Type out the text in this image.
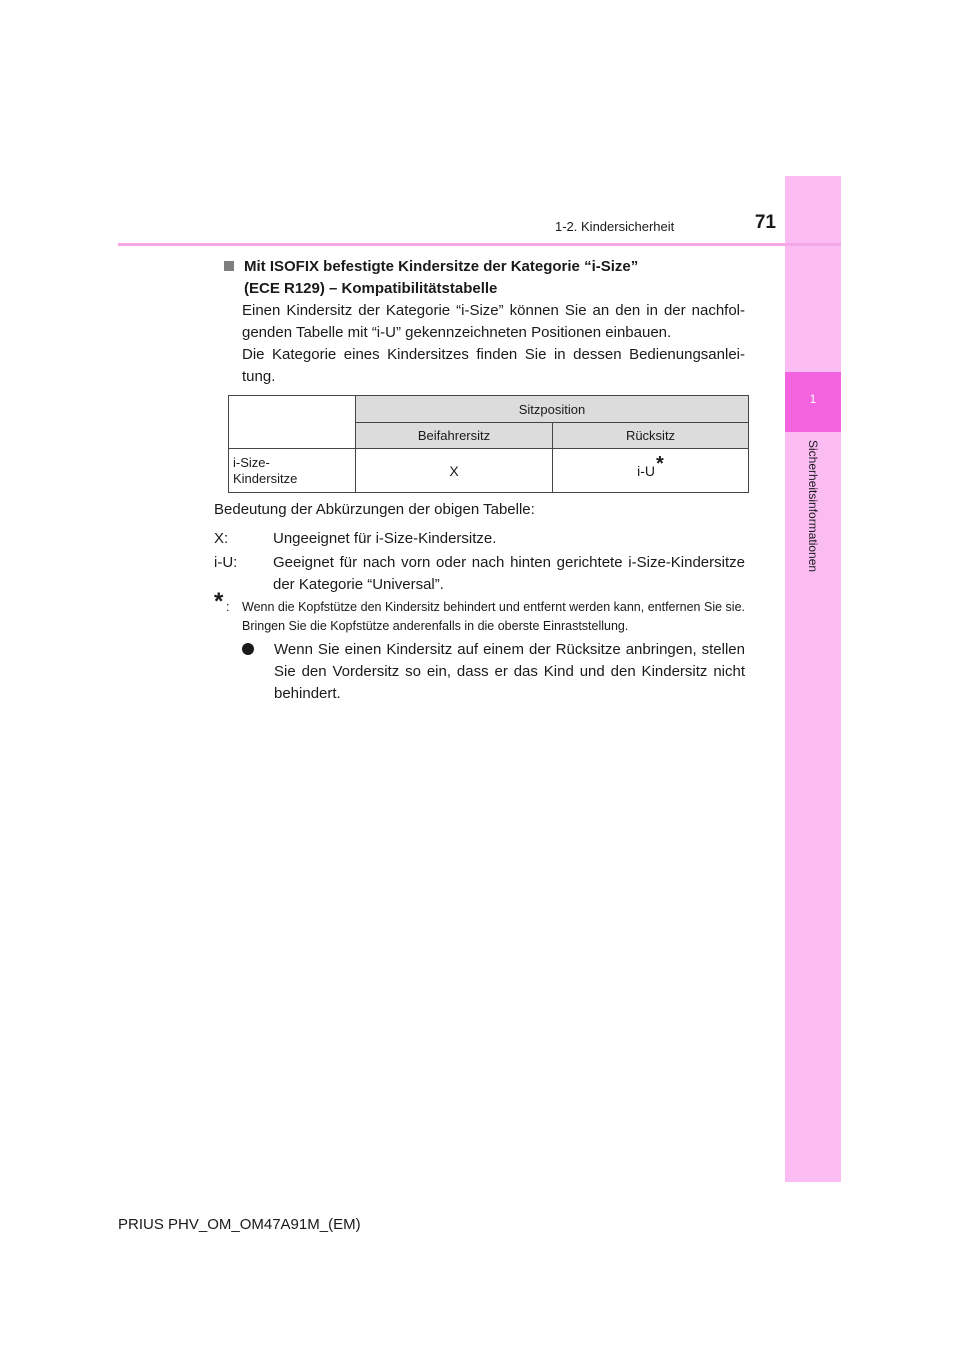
1
Sicherheitsinformationen
71
1-2. Kindersicherheit
Mit ISOFIX befestigte Kindersitze der Kategorie “i-Size”
(ECE R129) – Kompatibilitätstabelle
Einen Kindersitz der Kategorie “i-Size” können Sie an den in der nachfol-genden Tabelle mit “i-U” gekennzeichneten Positionen einbauen.
Die Kategorie eines Kindersitzes finden Sie in dessen Bedienungsanlei-tung.
Sitzposition
Beifahrersitz	Rücksitz
i-Size-
Kindersitze	X	i-U *
Bedeutung der Abkürzungen der obigen Tabelle:
X:	Ungeeignet für i-Size-Kindersitze.
i-U:	Geeignet für nach vorn oder nach hinten gerichtete i-Size-Kindersitze der Kategorie “Universal”.
* : Wenn die Kopfstütze den Kindersitz behindert und entfernt werden kann, entfernen Sie sie. Bringen Sie die Kopfstütze anderenfalls in die oberste Einraststellung.
Wenn Sie einen Kindersitz auf einem der Rücksitze anbringen, stellen Sie den Vordersitz so ein, dass er das Kind und den Kindersitz nicht behindert.
PRIUS PHV_OM_OM47A91M_(EM)
